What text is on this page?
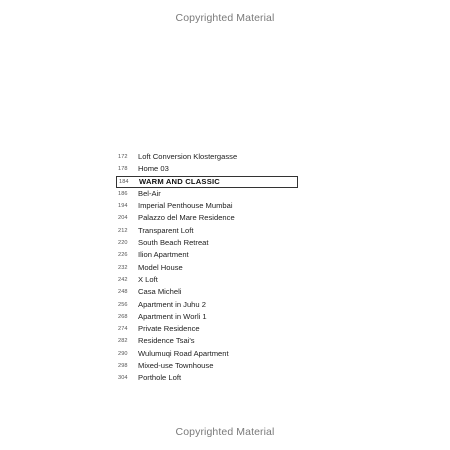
Copyrighted Material
172	Loft Conversion Klostergasse
178	Home 03
184	WARM AND CLASSIC
186	Bel-Air
194	Imperial Penthouse Mumbai
204	Palazzo del Mare Residence
212	Transparent Loft
220	South Beach Retreat
226	Ilion Apartment
232	Model House
242	X Loft
248	Casa Micheli
256	Apartment in Juhu 2
268	Apartment in Worli 1
274	Private Residence
282	Residence Tsai's
290	Wulumuqi Road Apartment
298	Mixed-use Townhouse
304	Porthole Loft
Copyrighted Material
